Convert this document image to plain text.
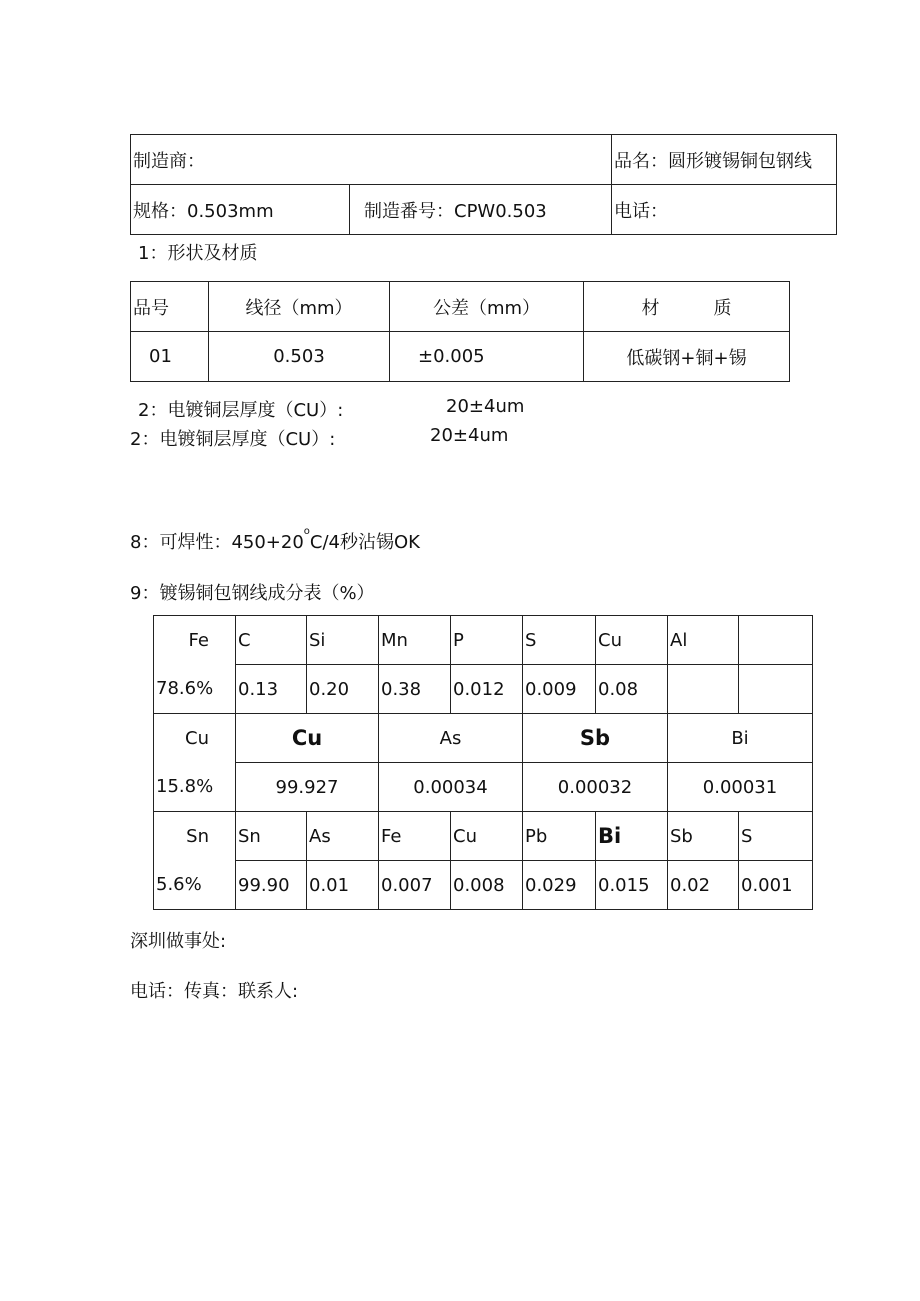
制造商：		品名：圆形镀锡铜包钢线
规格：0.503mm	制造番号：CPW0.503	电话：
1：形状及材质
品号	线径（mm）	公差（mm）	材　　　质
01	0.503	±0.005	低碳钢+铜+锡
2：电镀铜层厚度（CU）:	20±4um
2：电镀铜层厚度（CU）:	20±4um
8：可焊性：$450+20^oC/4$秒沾锡OK
9：镀锡铜包钢线成分表（%）
Fe	C	Si	Mn	P	S	Cu	Al	
78.6%	0.13	0.20	0.38	0.012	0.009	0.08		
Cu	Cu		As		Sb		Bi	
15.8%	99.927		0.00034		0.00032		0.00031	
Sn	Sn	As	Fe	Cu	Pb	Bi	Sb	S
5.6%	99.90	0.01	0.007	0.008	0.029	0.015	0.02	0.001
深圳做事处:
电话：传真：联系人:
